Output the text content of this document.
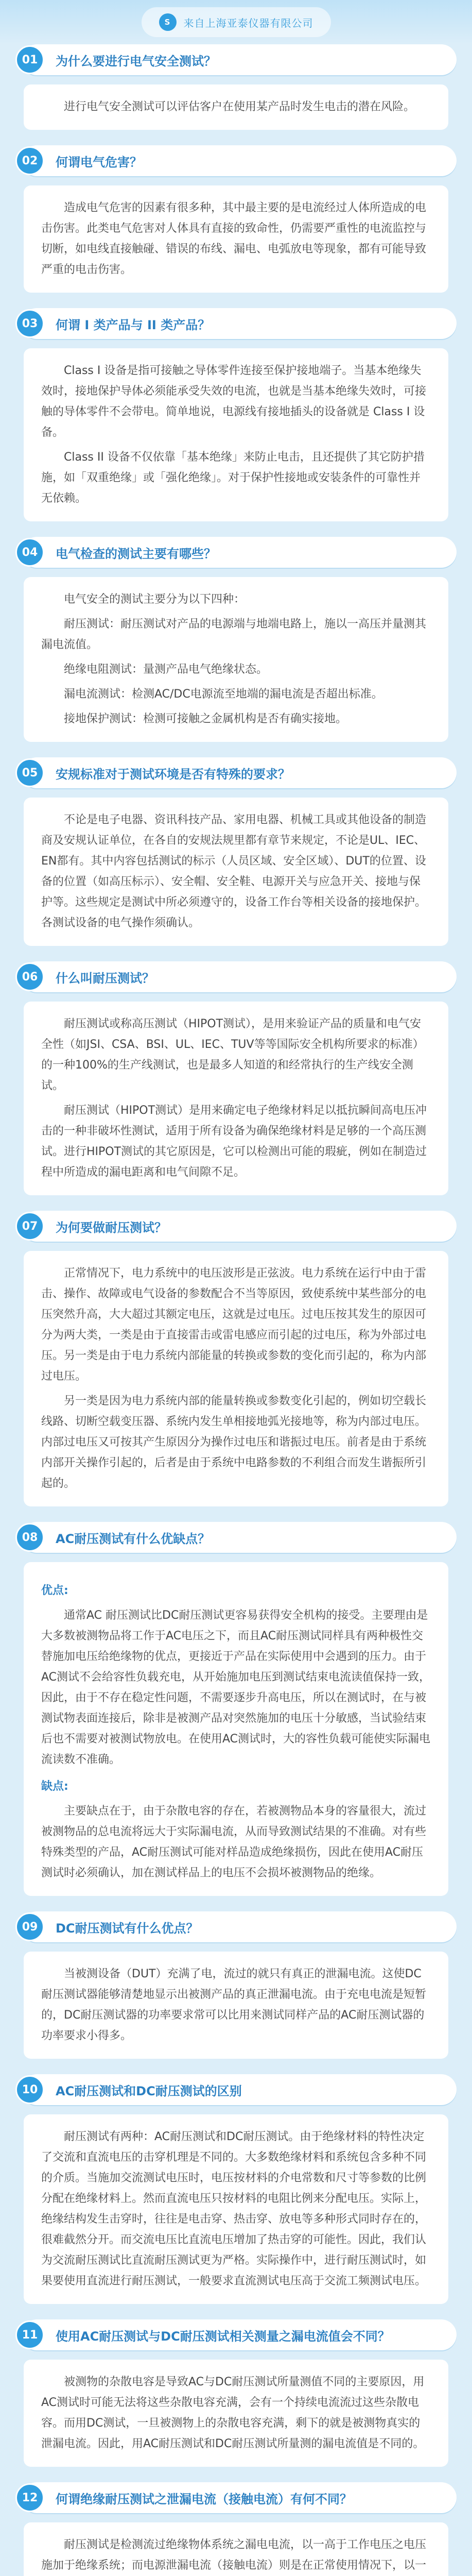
S	来自上海亚泰仪器有限公司
01	为什么要进行电气安全测试？

进行电气安全测试可以评估客户在使用某产品时发生电击的潜在风险。

02	何谓电气危害？

造成电气危害的因素有很多种，其中最主要的是电流经过人体所造成的电击伤害。此类电气危害对人体具有直接的致命性，仍需要严重性的电流监控与切断，如电线直接触碰、错误的布线、漏电、电弧放电等现象，都有可能导致严重的电击伤害。

03	何谓 I 类产品与 II 类产品？

Class I 设备是指可接触之导体零件连接至保护接地端子。当基本绝缘失效时，接地保护导体必须能承受失效的电流，也就是当基本绝缘失效时，可接触的导体零件不会带电。简单地说，电源线有接地插头的设备就是 Class I 设备。

Class II 设备不仅依靠「基本绝缘」来防止电击，且还提供了其它防护措施，如「双重绝缘」或「强化绝缘」。对于保护性接地或安装条件的可靠性并无依赖。

04	电气检查的测试主要有哪些？

电气安全的测试主要分为以下四种：

耐压测试：耐压测试对产品的电源端与地端电路上，施以一高压并量测其漏电流值。

绝缘电阻测试：量测产品电气绝缘状态。

漏电流测试：检测AC/DC电源流至地端的漏电流是否超出标准。

接地保护测试：检测可接触之金属机构是否有确实接地。

05	安规标准对于测试环境是否有特殊的要求？

不论是电子电器、资讯科技产品、家用电器、机械工具或其他设备的制造商及安规认证单位，在各自的安规法规里都有章节来规定，不论是UL、IEC、EN都有。其中内容包括测试的标示（人员区域、安全区域）、DUT的位置、设备的位置（如高压标示）、安全帽、安全鞋、电源开关与应急开关、接地与保护等。这些规定是测试中所必须遵守的，设备工作台等相关设备的接地保护。各测试设备的电气操作须确认。

06	什么叫耐压测试？

耐压测试或称高压测试（HIPOT测试），是用来验证产品的质量和电气安全性（如JSI、CSA、BSI、UL、IEC、TUV等等国际安全机构所要求的标准）的一种100%的生产线测试，也是最多人知道的和经常执行的生产线安全测试。

耐压测试（HIPOT测试）是用来确定电子绝缘材料足以抵抗瞬间高电压冲击的一种非破坏性测试，适用于所有设备为确保绝缘材料是足够的一个高压测试。进行HIPOT测试的其它原因是，它可以检测出可能的瑕疵，例如在制造过程中所造成的漏电距离和电气间隙不足。

07	为何要做耐压测试？

正常情况下，电力系统中的电压波形是正弦波。电力系统在运行中由于雷击、操作、故障或电气设备的参数配合不当等原因，致使系统中某些部分的电压突然升高，大大超过其额定电压，这就是过电压。过电压按其发生的原因可分为两大类，一类是由于直接雷击或雷电感应而引起的过电压，称为外部过电压。另一类是由于电力系统内部能量的转换或参数的变化而引起的，称为内部过电压。

另一类是因为电力系统内部的能量转换或参数变化引起的，例如切空载长线路、切断空载变压器、系统内发生单相接地弧光接地等，称为内部过电压。内部过电压又可按其产生原因分为操作过电压和谐振过电压。前者是由于系统内部开关操作引起的，后者是由于系统中电路参数的不利组合而发生谐振所引起的。

08	AC耐压测试有什么优缺点？

优点:

通常AC 耐压测试比DC耐压测试更容易获得安全机构的接受。主要理由是大多数被测物品将工作于AC电压之下，而且AC耐压测试同样具有两种极性交替施加电压给绝缘物的优点，更接近于产品在实际使用中会遇到的压力。由于AC测试不会给容性负载充电，从开始施加电压到测试结束电流读值保持一致，因此，由于不存在稳定性问题，不需要逐步升高电压，所以在测试时，在与被测试物表面连接后，除非是被测产品对突然施加的电压十分敏感，当试验结束后也不需要对被测试物放电。在使用AC测试时，大的容性负载可能使实际漏电流读数不准确。

缺点:

主要缺点在于，由于杂散电容的存在，若被测物品本身的容量很大，流过被测物品的总电流将远大于实际漏电流，从而导致测试结果的不准确。对有些特殊类型的产品，AC耐压测试可能对样品造成绝缘损伤，因此在使用AC耐压测试时必须确认，加在测试样品上的电压不会损坏被测物品的绝缘。

09	DC耐压测试有什么优点？

当被测设备（DUT）充满了电，流过的就只有真正的泄漏电流。这使DC耐压测试器能够清楚地显示出被测产品的真正泄漏电流。由于充电电流是短暂的，DC耐压测试器的功率要求常可以比用来测试同样产品的AC耐压测试器的功率要求小得多。

10	AC耐压测试和DC耐压测试的区别

耐压测试有两种：AC耐压测试和DC耐压测试。由于绝缘材料的特性决定了交流和直流电压的击穿机理是不同的。大多数绝缘材料和系统包含多种不同的介质。当施加交流测试电压时，电压按材料的介电常数和尺寸等参数的比例分配在绝缘材料上。然而直流电压只按材料的电阻比例来分配电压。实际上，绝缘结构发生击穿时，往往是电击穿、热击穿、放电等多种形式同时存在的，很难截然分开。而交流电压比直流电压增加了热击穿的可能性。因此，我们认为交流耐压测试比直流耐压测试更为严格。实际操作中，进行耐压测试时，如果要使用直流进行耐压测试，一般要求直流测试电压高于交流工频测试电压。

11	使用AC耐压测试与DC耐压测试相关测量之漏电流值会不同？

被测物的杂散电容是导致AC与DC耐压测试所量测值不同的主要原因，用AC测试时可能无法将这些杂散电容充满，会有一个持续电流流过这些杂散电容。而用DC测试，一旦被测物上的杂散电容充满，剩下的就是被测物真实的泄漏电流。因此，用AC耐压测试和DC耐压测试所量测的漏电流值是不同的。

12	何谓绝缘耐压测试之泄漏电流（接触电流）有何不同？

耐压测试是检测流过绝缘物体系统之漏电电流，以一高于工作电压之电压施加于绝缘系统；而电源泄漏电流（接触电流）则是在正常使用情况下，以一
